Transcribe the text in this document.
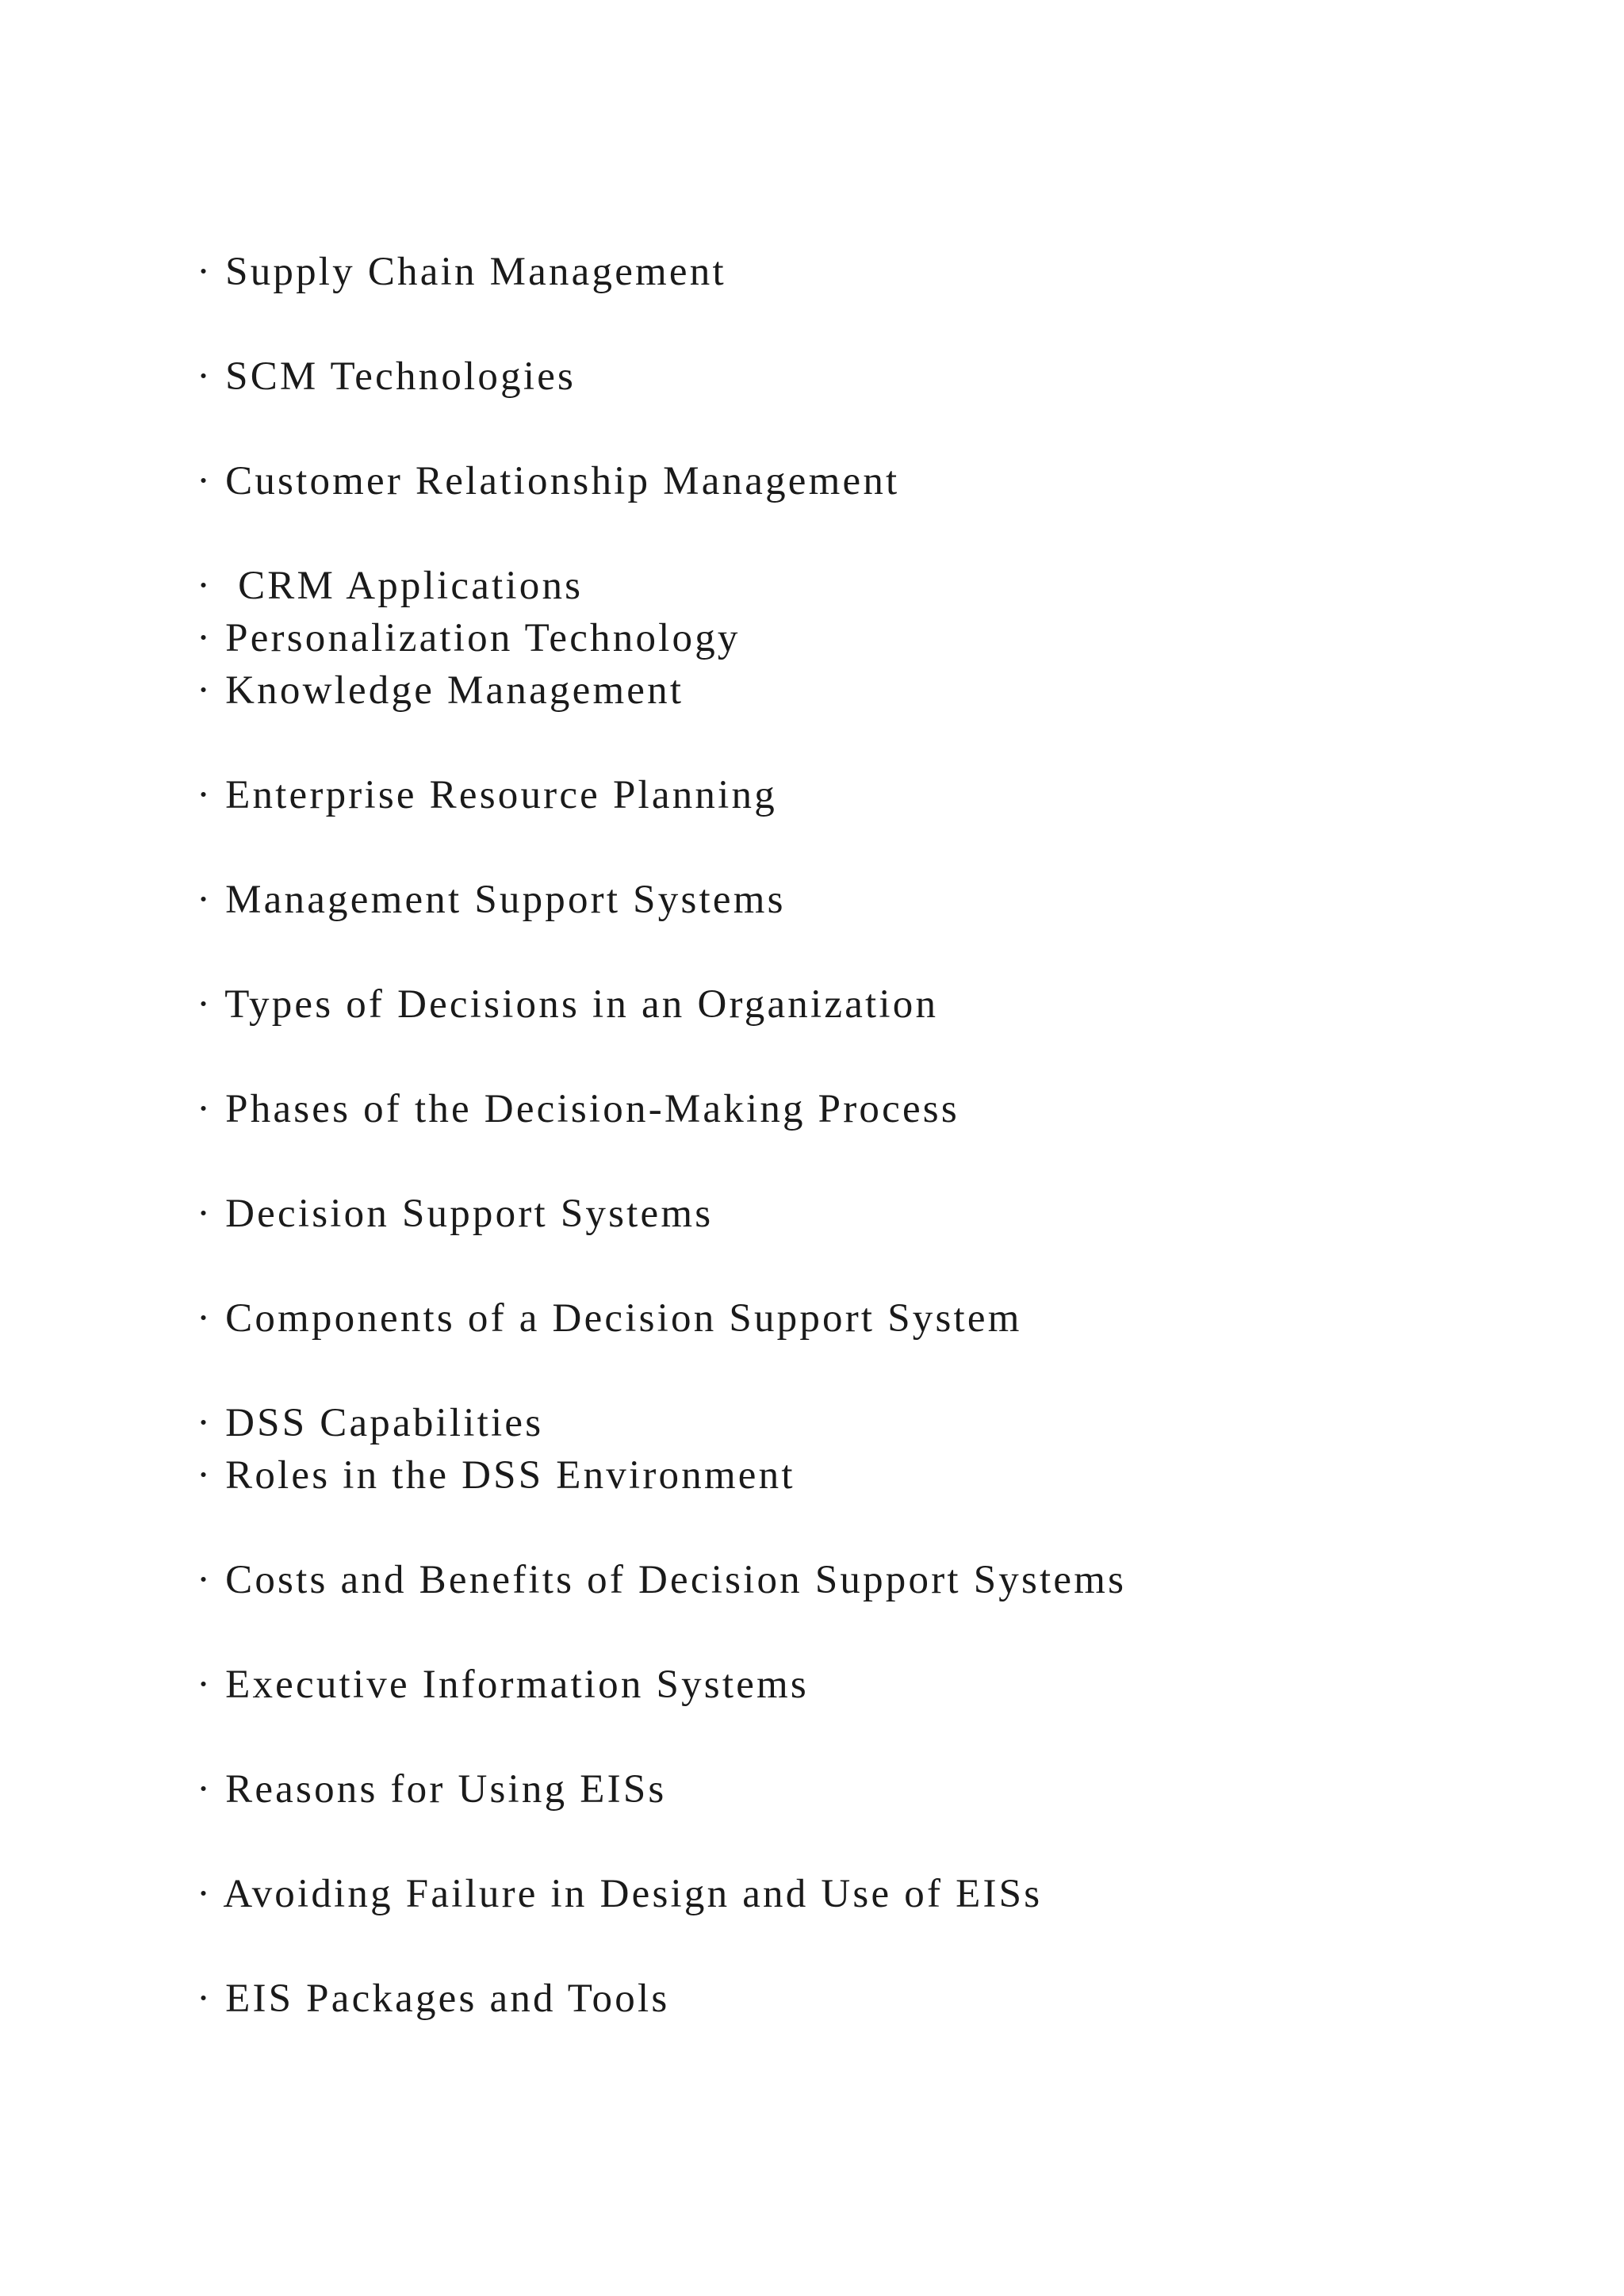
· Supply Chain Management
· SCM Technologies
· Customer Relationship Management
·  CRM Applications
· Personalization Technology
· Knowledge Management
· Enterprise Resource Planning
· Management Support Systems
· Types of Decisions in an Organization
· Phases of the Decision-Making Process
· Decision Support Systems
· Components of a Decision Support System
· DSS Capabilities
· Roles in the DSS Environment
· Costs and Benefits of Decision Support Systems
· Executive Information Systems
· Reasons for Using EISs
· Avoiding Failure in Design and Use of EISs
· EIS Packages and Tools
